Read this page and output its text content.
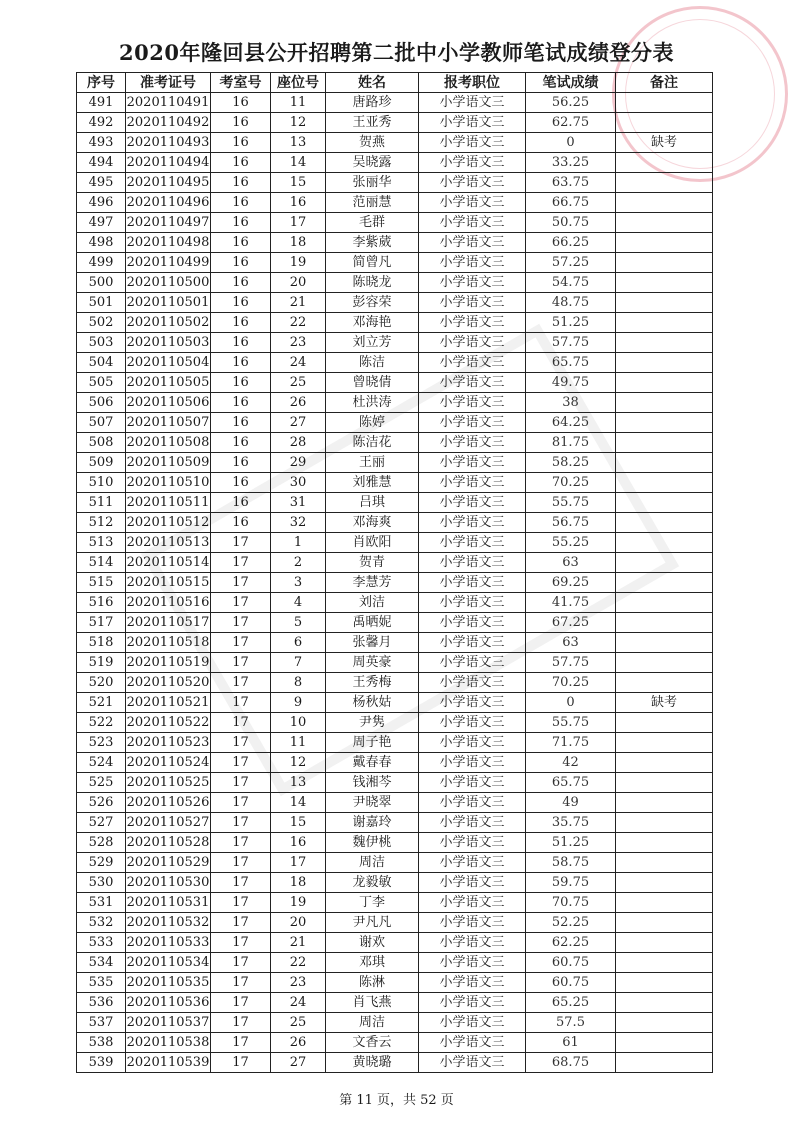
2020年隆回县公开招聘第二批中小学教师笔试成绩登分表
序号	准考证号	考室号	座位号	姓名	报考职位	笔试成绩	备注
491	2020110491	16	11	唐路珍	小学语文三	56.25	
492	2020110492	16	12	王亚秀	小学语文三	62.75	
493	2020110493	16	13	贺燕	小学语文三	0	缺考
494	2020110494	16	14	吴晓露	小学语文三	33.25	
495	2020110495	16	15	张丽华	小学语文三	63.75	
496	2020110496	16	16	范丽慧	小学语文三	66.75	
497	2020110497	16	17	毛群	小学语文三	50.75	
498	2020110498	16	18	李紫葳	小学语文三	66.25	
499	2020110499	16	19	简曾凡	小学语文三	57.25	
500	2020110500	16	20	陈晓龙	小学语文三	54.75	
501	2020110501	16	21	彭容荣	小学语文三	48.75	
502	2020110502	16	22	邓海艳	小学语文三	51.25	
503	2020110503	16	23	刘立芳	小学语文三	57.75	
504	2020110504	16	24	陈洁	小学语文三	65.75	
505	2020110505	16	25	曾晓倩	小学语文三	49.75	
506	2020110506	16	26	杜洪涛	小学语文三	38	
507	2020110507	16	27	陈婷	小学语文三	64.25	
508	2020110508	16	28	陈洁花	小学语文三	81.75	
509	2020110509	16	29	王丽	小学语文三	58.25	
510	2020110510	16	30	刘雅慧	小学语文三	70.25	
511	2020110511	16	31	吕琪	小学语文三	55.75	
512	2020110512	16	32	邓海爽	小学语文三	56.75	
513	2020110513	17	1	肖欧阳	小学语文三	55.25	
514	2020110514	17	2	贺青	小学语文三	63	
515	2020110515	17	3	李慧芳	小学语文三	69.25	
516	2020110516	17	4	刘洁	小学语文三	41.75	
517	2020110517	17	5	禹晒妮	小学语文三	67.25	
518	2020110518	17	6	张馨月	小学语文三	63	
519	2020110519	17	7	周英豪	小学语文三	57.75	
520	2020110520	17	8	王秀梅	小学语文三	70.25	
521	2020110521	17	9	杨秋姑	小学语文三	0	缺考
522	2020110522	17	10	尹隽	小学语文三	55.75	
523	2020110523	17	11	周子艳	小学语文三	71.75	
524	2020110524	17	12	戴春春	小学语文三	42	
525	2020110525	17	13	钱湘芩	小学语文三	65.75	
526	2020110526	17	14	尹晓翠	小学语文三	49	
527	2020110527	17	15	谢嘉玲	小学语文三	35.75	
528	2020110528	17	16	魏伊桃	小学语文三	51.25	
529	2020110529	17	17	周洁	小学语文三	58.75	
530	2020110530	17	18	龙毅敏	小学语文三	59.75	
531	2020110531	17	19	丁李	小学语文三	70.75	
532	2020110532	17	20	尹凡凡	小学语文三	52.25	
533	2020110533	17	21	谢欢	小学语文三	62.25	
534	2020110534	17	22	邓琪	小学语文三	60.75	
535	2020110535	17	23	陈淋	小学语文三	60.75	
536	2020110536	17	24	肖飞燕	小学语文三	65.25	
537	2020110537	17	25	周洁	小学语文三	57.5	
538	2020110538	17	26	文香云	小学语文三	61	
539	2020110539	17	27	黄晓璐	小学语文三	68.75	
第 11 页，共 52 页
